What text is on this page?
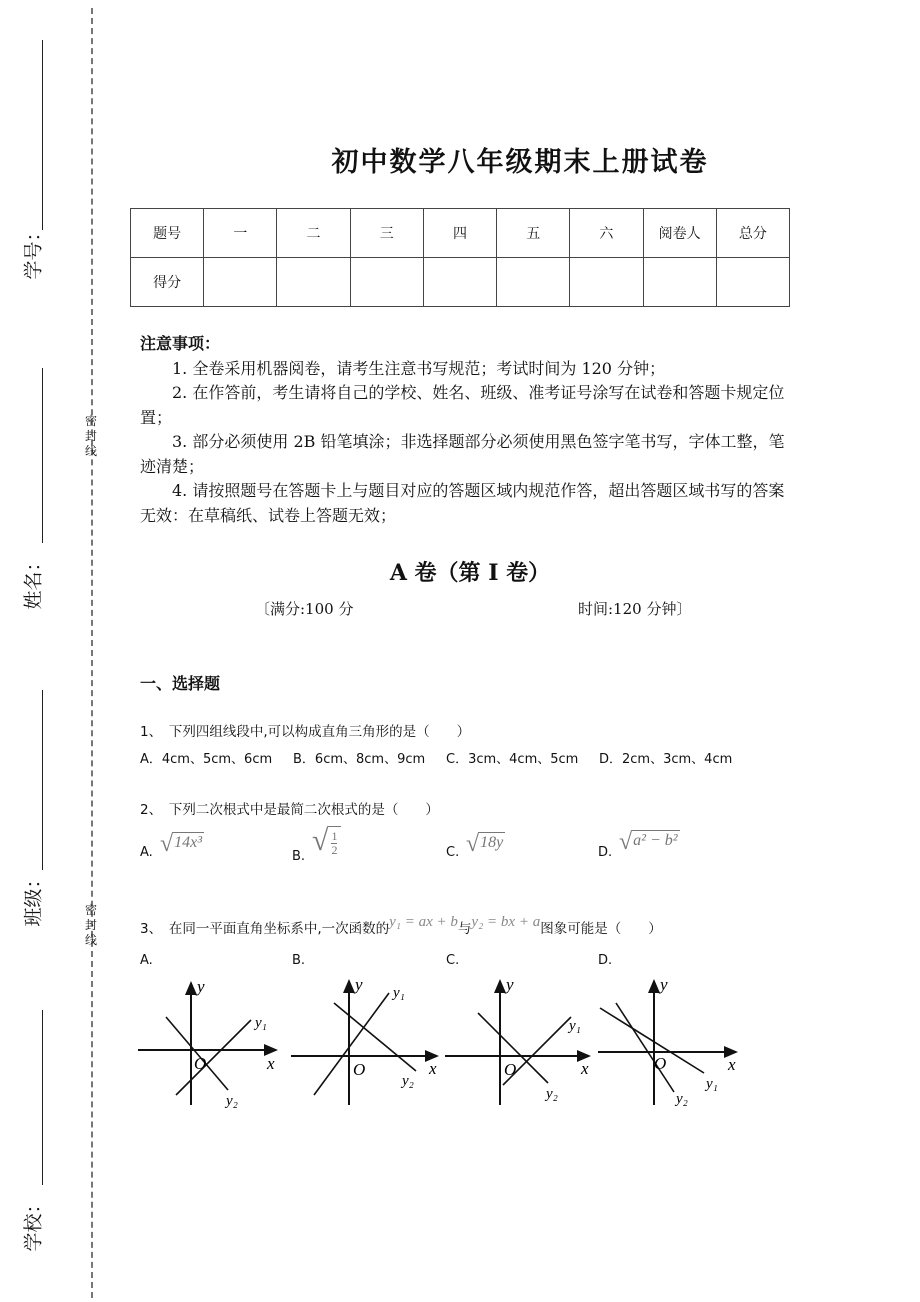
学号：
姓名：
班级：
学校：
密封线
密封线
初中数学八年级期末上册试卷
题号	一	二	三	四	五	六	阅卷人	总分
得分								
注意事项：

1. 全卷采用机器阅卷，请考生注意书写规范；考试时间为 120 分钟；

2. 在作答前，考生请将自己的学校、姓名、班级、准考证号涂写在试卷和答题卡规定位置；

3. 部分必须使用 2B 铅笔填涂；非选择题部分必须使用黑色签字笔书写，字体工整，笔迹清楚；

4. 请按照题号在答题卡上与题目对应的答题区域内规范作答，超出答题区域书写的答案无效：在草稿纸、试卷上答题无效；

A 卷（第 I 卷）
〔满分:100 分	时间:120 分钟〕
一、选择题
1、　下列四组线段中,可以构成直角三角形的是（　　）
A．4cm、5cm、6cm B．6cm、8cm、9cm C．3cm、4cm、5cm D．2cm、3cm、4cm
2、　下列二次根式中是最简二次根式的是（　　）
A. √ 14x³
B. √ $\frac{1}{2}$	C. √ 18y
D. √ a² − b²
3、　在同一平面直角坐标系中,一次函数的y₁ = ax + b与y₂ = bx + a图象可能是（　　）
A.	B.	C.	D.
y
x
O
y₁
y₂
y
x
O
y₁
y₂
y
x
O
y₁
y₂
y
x
O
y₁
y₂
